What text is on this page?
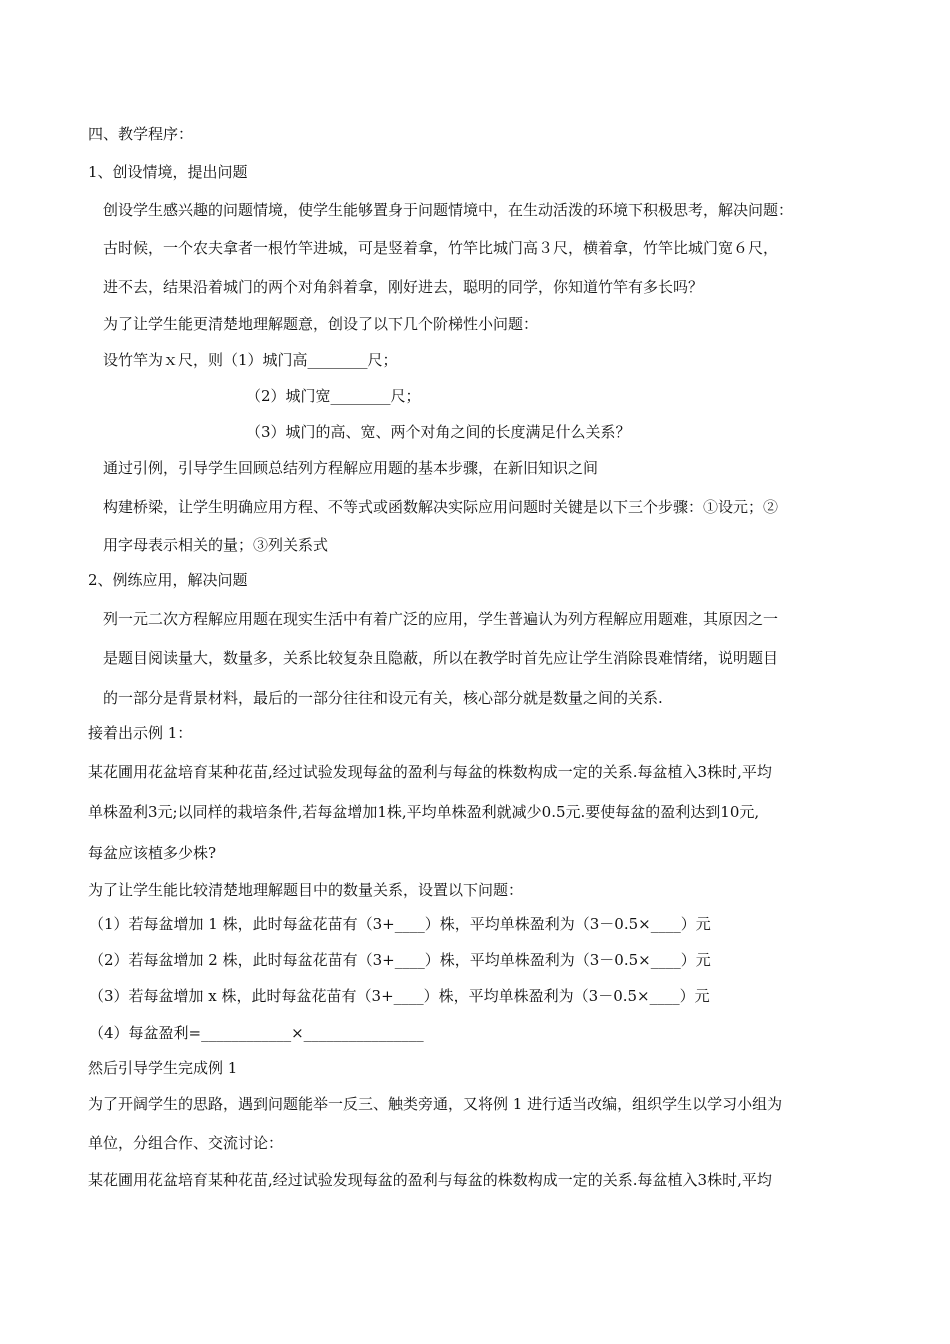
四、教学程序：
1、创设情境，提出问题
创设学生感兴趣的问题情境，使学生能够置身于问题情境中，在生动活泼的环境下积极思考，解决问题：
古时候，一个农夫拿者一根竹竿进城，可是竖着拿，竹竿比城门高３尺，横着拿，竹竿比城门宽６尺，
进不去，结果沿着城门的两个对角斜着拿，刚好进去，聪明的同学，你知道竹竿有多长吗？
为了让学生能更清楚地理解题意，创设了以下几个阶梯性小问题：
设竹竿为ｘ尺，则（1）城门高________尺；
（2）城门宽________尺；
（3）城门的高、宽、两个对角之间的长度满足什么关系？
通过引例，引导学生回顾总结列方程解应用题的基本步骤，在新旧知识之间
构建桥梁，让学生明确应用方程、不等式或函数解决实际应用问题时关键是以下三个步骤：①设元；②
用字母表示相关的量；③列关系式
2、例练应用，解决问题
列一元二次方程解应用题在现实生活中有着广泛的应用，学生普遍认为列方程解应用题难，其原因之一
是题目阅读量大，数量多，关系比较复杂且隐蔽，所以在教学时首先应让学生消除畏难情绪，说明题目
的一部分是背景材料，最后的一部分往往和设元有关，核心部分就是数量之间的关系.
接着出示例 1：
某花圃用花盆培育某种花苗,经过试验发现每盆的盈利与每盆的株数构成一定的关系.每盆植入3株时,平均
单株盈利3元;以同样的栽培条件,若每盆增加1株,平均单株盈利就减少0.5元.要使每盆的盈利达到10元,
每盆应该植多少株?
为了让学生能比较清楚地理解题目中的数量关系，设置以下问题：
（1）若每盆增加 1 株，此时每盆花苗有（3+____）株，平均单株盈利为（3－0.5×____）元
（2）若每盆增加 2 株，此时每盆花苗有（3+____）株，平均单株盈利为（3－0.5×____）元
（3）若每盆增加 x 株，此时每盆花苗有（3+____）株，平均单株盈利为（3－0.5×____）元
（4）每盆盈利=____________×________________
然后引导学生完成例 1
为了开阔学生的思路，遇到问题能举一反三、触类旁通，又将例 1 进行适当改编，组织学生以学习小组为
单位，分组合作、交流讨论：
某花圃用花盆培育某种花苗,经过试验发现每盆的盈利与每盆的株数构成一定的关系.每盆植入3株时,平均
